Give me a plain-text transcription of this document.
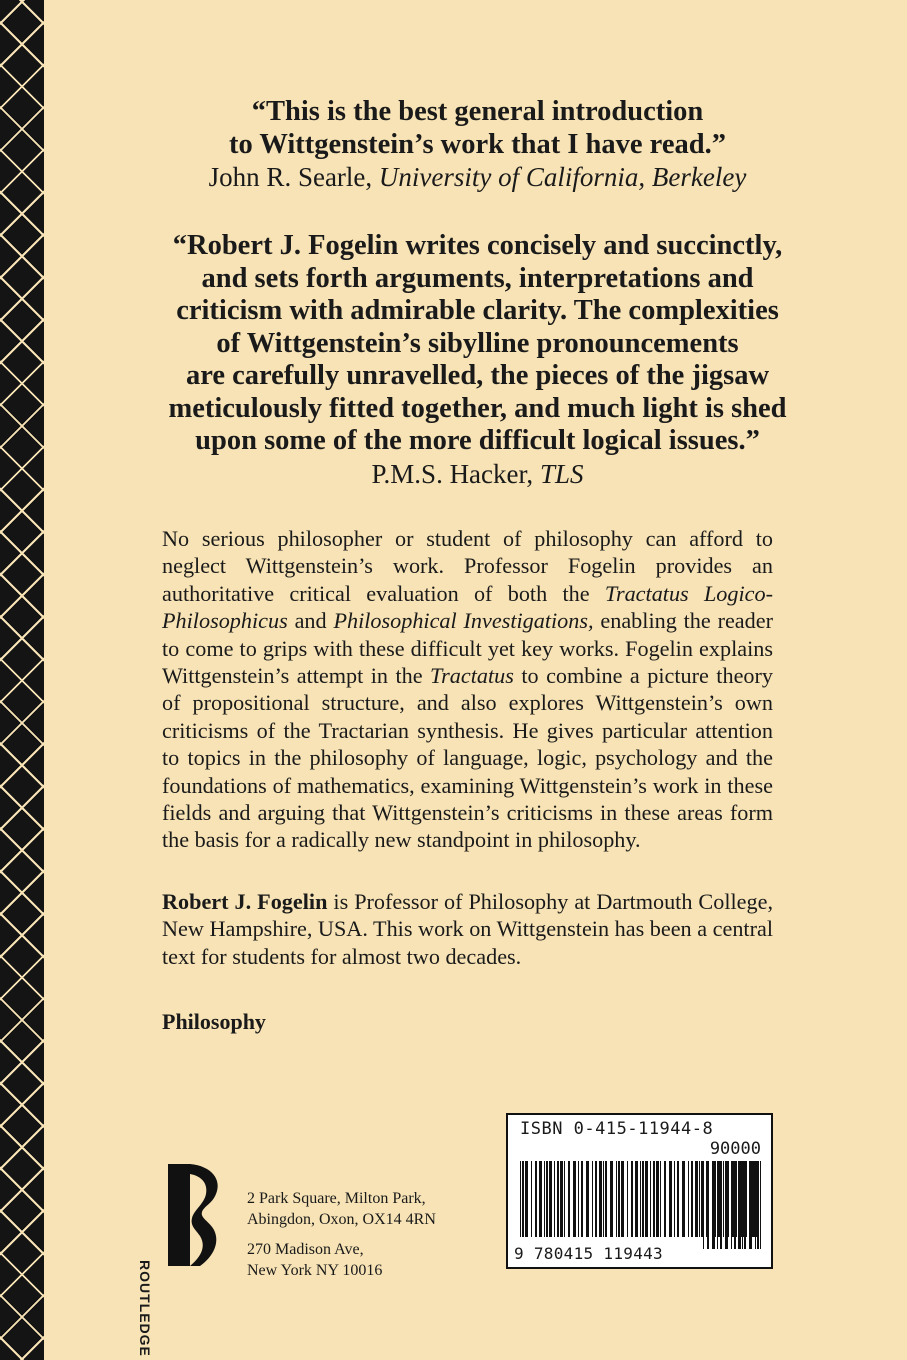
“This is the best general introduction
to Wittgenstein’s work that I have read.”
John R. Searle, University of California, Berkeley
“Robert J. Fogelin writes concisely and succinctly,
and sets forth arguments, interpretations and
criticism with admirable clarity. The complexities
of Wittgenstein’s sibylline pronouncements
are carefully unravelled, the pieces of the jigsaw
meticulously fitted together, and much light is shed
upon some of the more difficult logical issues.”
P.M.S. Hacker, TLS

No serious philosopher or student of philosophy can afford to neglect Wittgenstein’s work. Professor Fogelin provides an authoritative critical evaluation of both the Tractatus Logico-Philosophicus and Philosophical Investigations, enabling the reader to come to grips with these difficult yet key works. Fogelin explains Wittgenstein’s attempt in the Tractatus to combine a picture theory of propositional structure, and also explores Wittgenstein’s own criticisms of the Tractarian synthesis. He gives particular attention to topics in the philosophy of language, logic, psychology and the foundations of mathematics, examining Wittgenstein’s work in these fields and arguing that Wittgenstein’s criticisms in these areas form the basis for a radically new standpoint in philosophy.

Robert J. Fogelin is Professor of Philosophy at Dartmouth College, New Hampshire, USA. This work on Wittgenstein has been a central text for students for almost two decades.

Philosophy
ISBN 0-415-11944-8
90000
9 780415 119443
ROUTLEDGE
2 Park Square, Milton Park,
Abingdon, Oxon, OX14 4RN
270 Madison Ave,
New York NY 10016
